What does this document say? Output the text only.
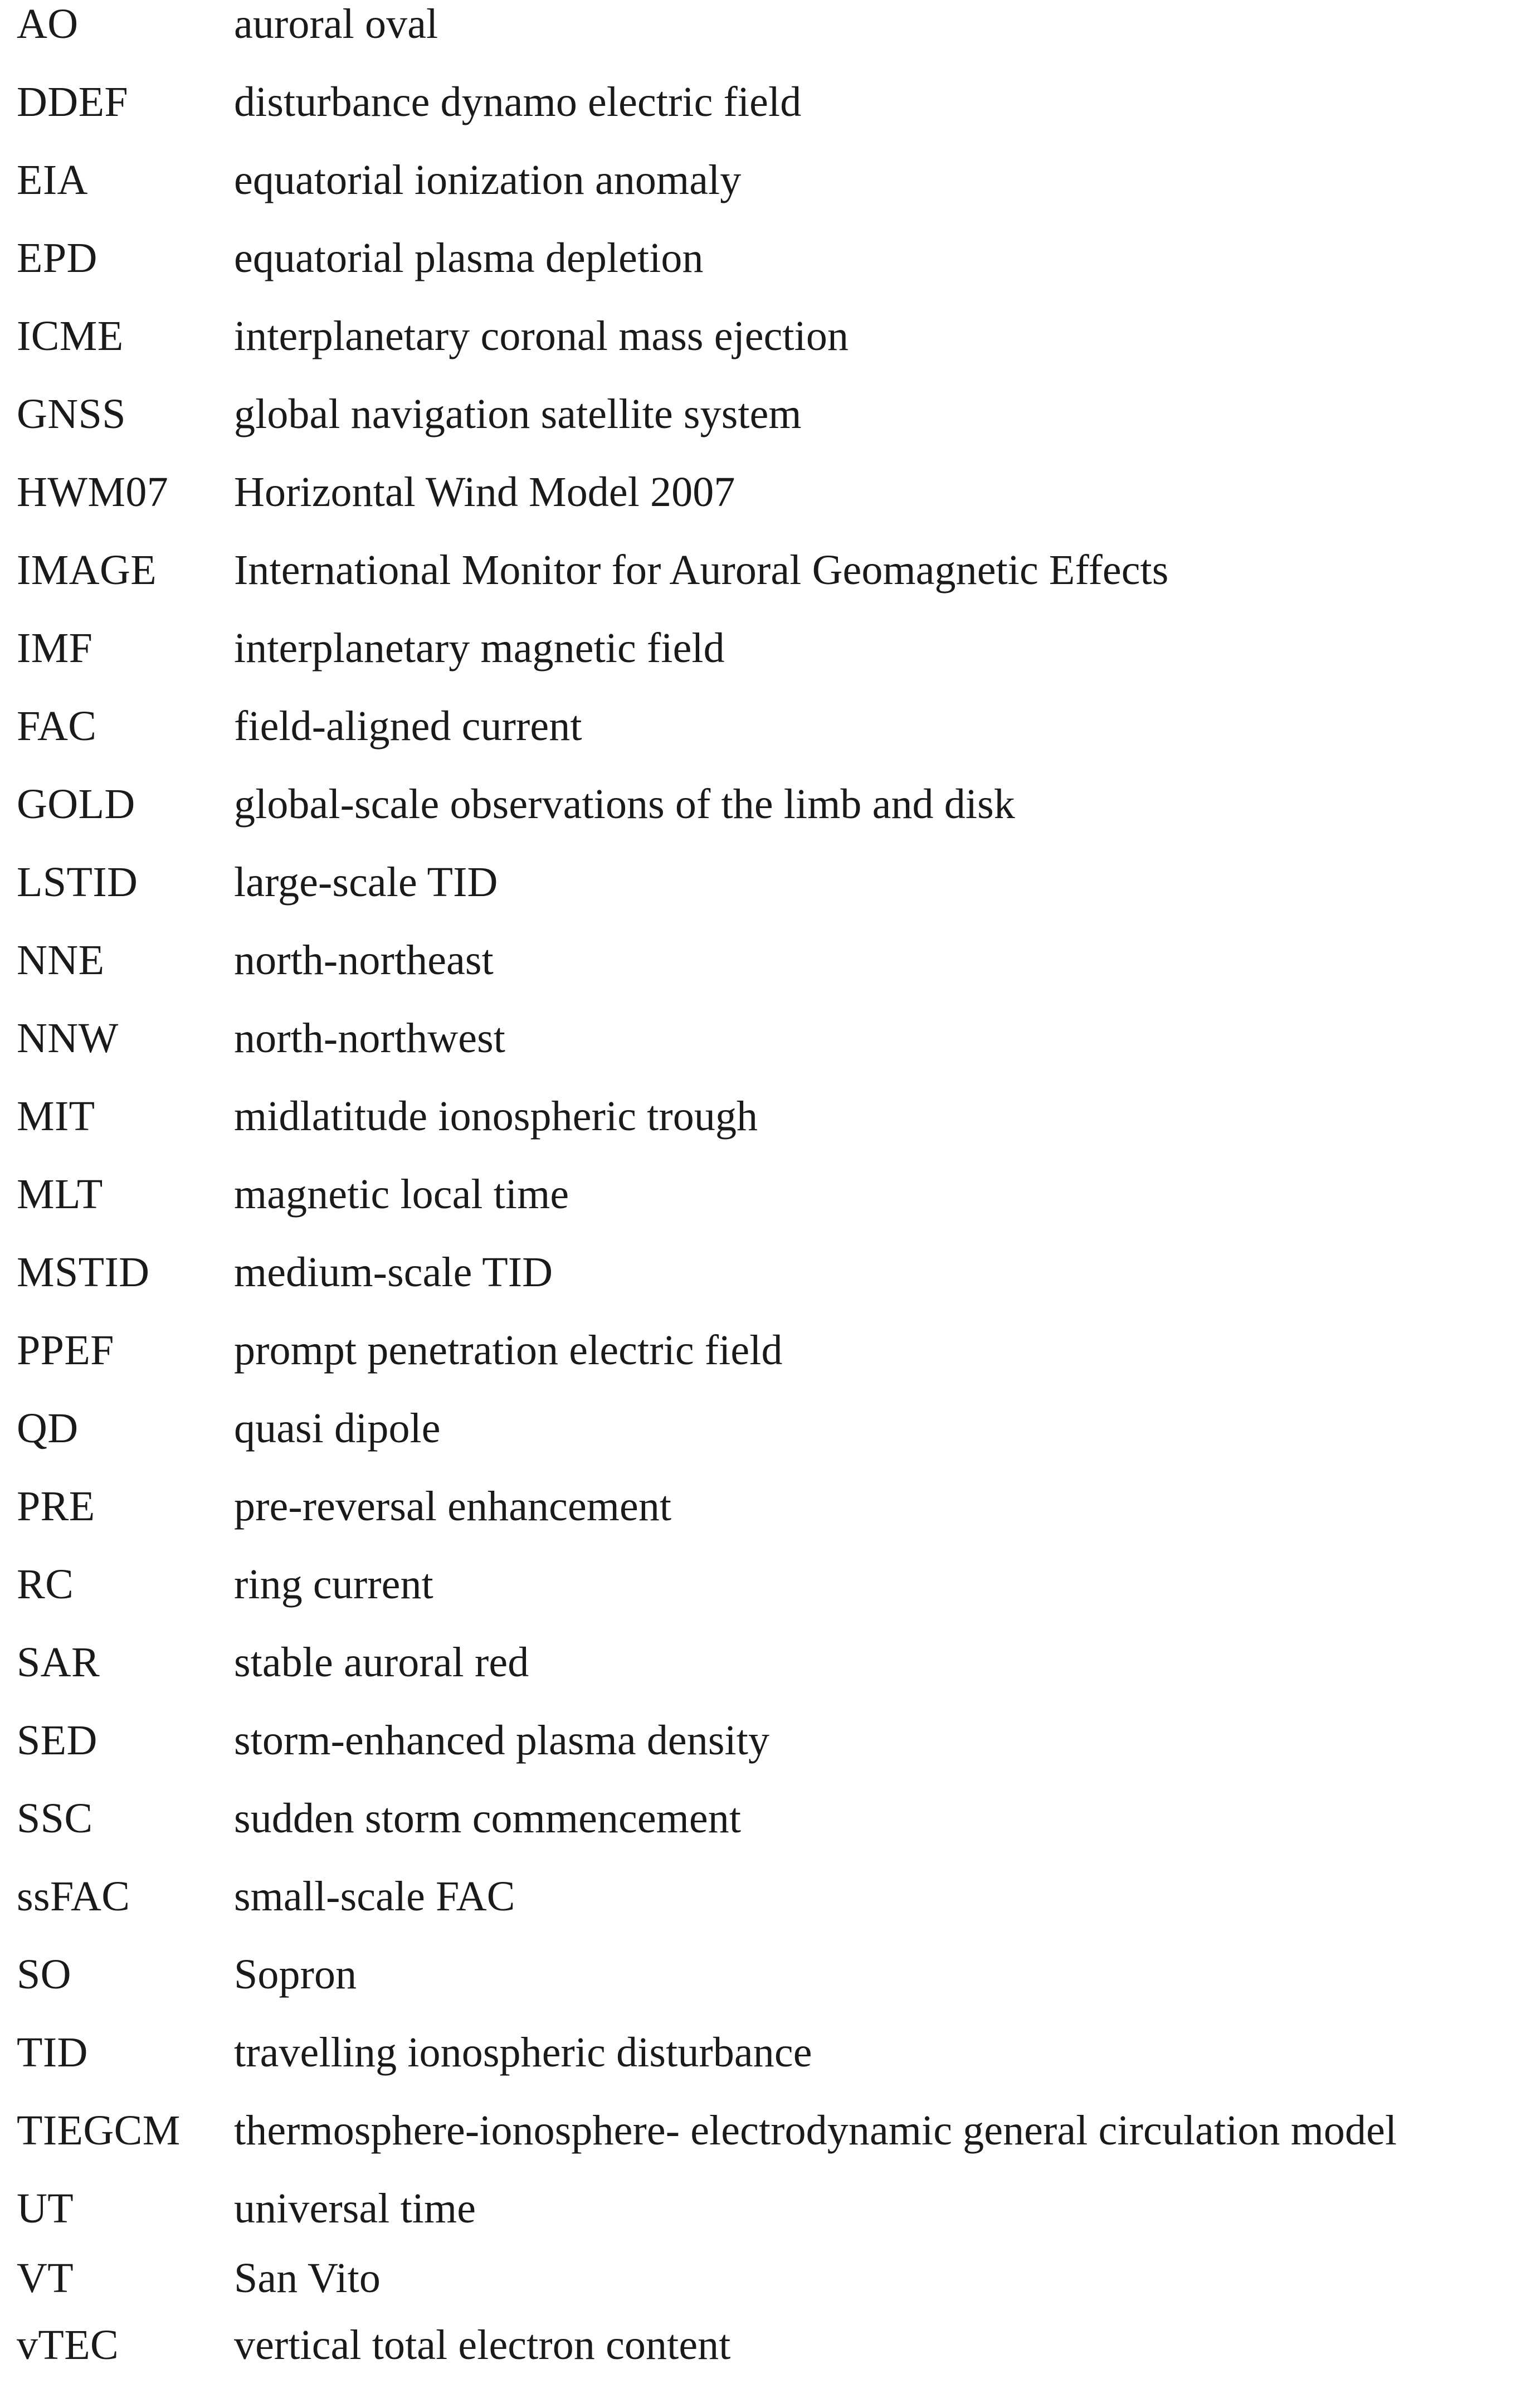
AO	auroral oval
DDEF disturbance dynamo electric field
EIA	equatorial ionization anomaly
EPD	equatorial plasma depletion
ICME	interplanetary coronal mass ejection
GNSS	global navigation satellite system
HWM07 Horizontal Wind Model 2007
IMAGE International Monitor for Auroral Geomagnetic Effects
IMF	interplanetary magnetic field
FAC	field-aligned current
GOLD global-scale observations of the limb and disk
LSTID large-scale TID
NNE	north-northeast
NNW	north-northwest
MIT	midlatitude ionospheric trough
MLT	magnetic local time
MSTID medium-scale TID
PPEF	prompt penetration electric field
QD	quasi dipole
PRE	pre-reversal enhancement
RC	ring current
SAR	stable auroral red
SED	storm-enhanced plasma density
SSC	sudden storm commencement
ssFAC small-scale FAC
SO	Sopron
TID	travelling ionospheric disturbance
TIEGCM thermosphere-ionosphere- electrodynamic general circulation model
UT	universal time
VT	San Vito
vTEC	vertical total electron content
